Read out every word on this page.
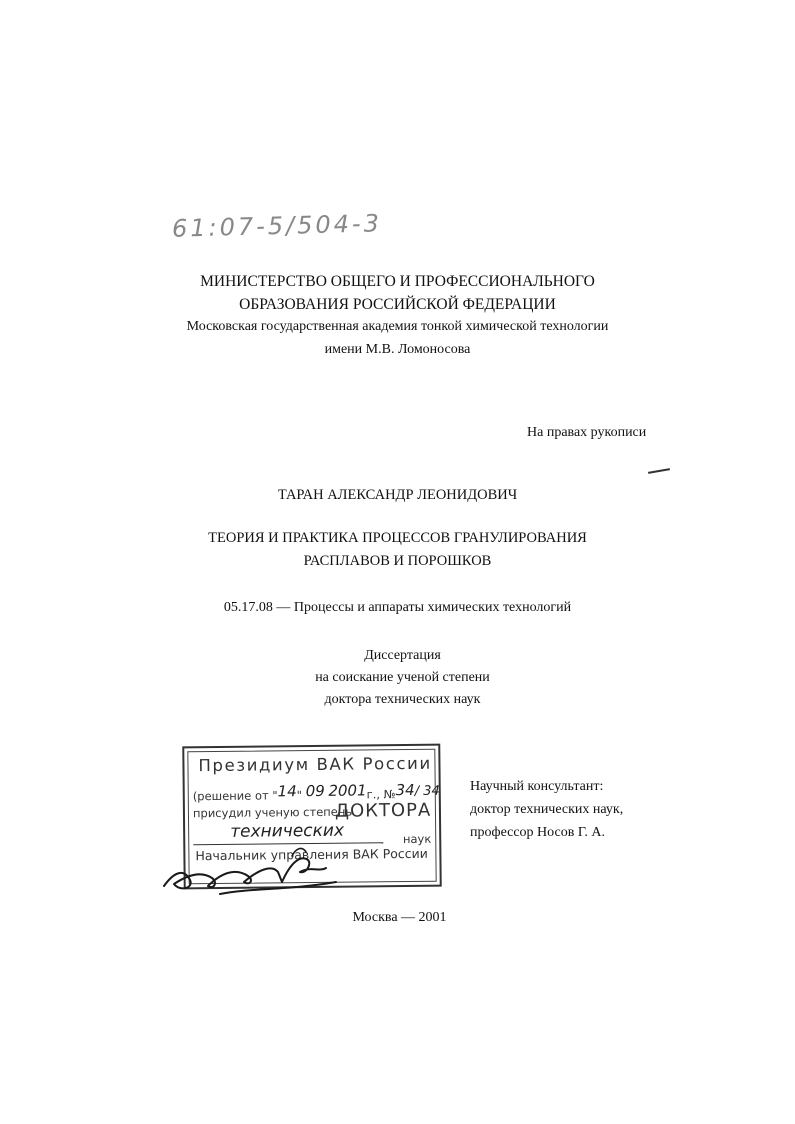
61:07-5/504-3
МИНИСТЕРСТВО ОБЩЕГО И ПРОФЕССИОНАЛЬНОГО
ОБРАЗОВАНИЯ РОССИЙСКОЙ ФЕДЕРАЦИИ
Московская государственная академия тонкой химической технологии
имени М.В. Ломоносова
На правах рукописи
ТАРАН АЛЕКСАНДР ЛЕОНИДОВИЧ
ТЕОРИЯ И ПРАКТИКА ПРОЦЕССОВ ГРАНУЛИРОВАНИЯ
РАСПЛАВОВ И ПОРОШКОВ
05.17.08 — Процессы и аппараты химических технологий
Диссертация
на соискание ученой степени
доктора технических наук
Научный консультант:
доктор технических наук,
профессор Носов Г. А.
Президиум ВАК России
(решение от "14" 09 2001г., №34/ 34
присудил ученую степень
ДОКТОРА
технических	наук
Начальник управления ВАК России
Москва — 2001
